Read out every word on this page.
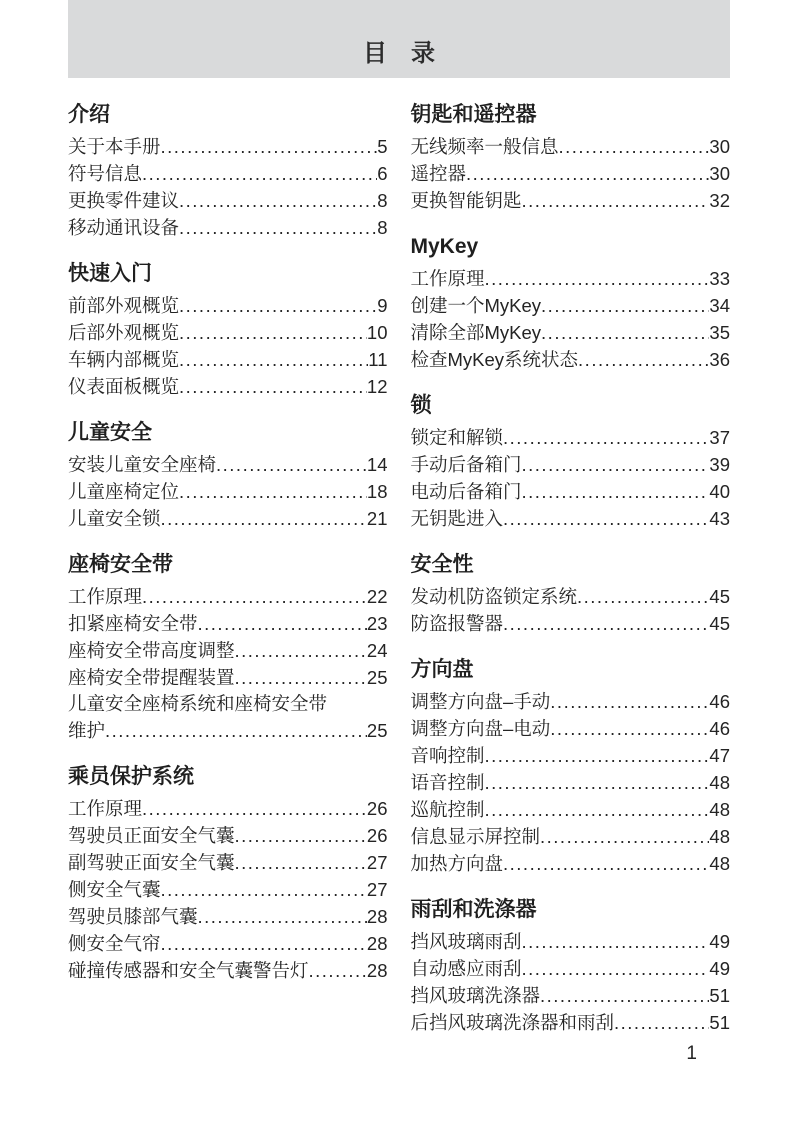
目　录
介绍
关于本手册 .....	5
符号信息 .....	6
更换零件建议 .....	8
移动通讯设备 .....	8
快速入门
前部外观概览 .....	9
后部外观概览 .....	10
车辆内部概览 .....	11
仪表面板概览 .....	12
儿童安全
安装儿童安全座椅 .....	14
儿童座椅定位 .....	18
儿童安全锁 .....	21
座椅安全带
工作原理 .....	22
扣紧座椅安全带 .....	23
座椅安全带高度调整 .....	24
座椅安全带提醒装置 .....	25
儿童安全座椅系统和座椅安全带
维护 .....	25
乘员保护系统
工作原理 .....	26
驾驶员正面安全气囊 .....	26
副驾驶正面安全气囊 .....	27
侧安全气囊 .....	27
驾驶员膝部气囊 .....	28
侧安全气帘 .....	28
碰撞传感器和安全气囊警告灯 .....	28
钥匙和遥控器
无线频率一般信息 .....	30
遥控器 .....	30
更换智能钥匙 .....	32
MyKey
工作原理 .....	33
创建一个MyKey .....	34
清除全部MyKey .....	35
检查MyKey系统状态 .....	36
锁
锁定和解锁 .....	37
手动后备箱门 .....	39
电动后备箱门 .....	40
无钥匙进入 .....	43
安全性
发动机防盗锁定系统 .....	45
防盗报警器 .....	45
方向盘
调整方向盘–手动 .....	46
调整方向盘–电动 .....	46
音响控制 .....	47
语音控制 .....	48
巡航控制 .....	48
信息显示屏控制 .....	48
加热方向盘 .....	48
雨刮和洗涤器
挡风玻璃雨刮 .....	49
自动感应雨刮 .....	49
挡风玻璃洗涤器 .....	51
后挡风玻璃洗涤器和雨刮 .....	51
1
